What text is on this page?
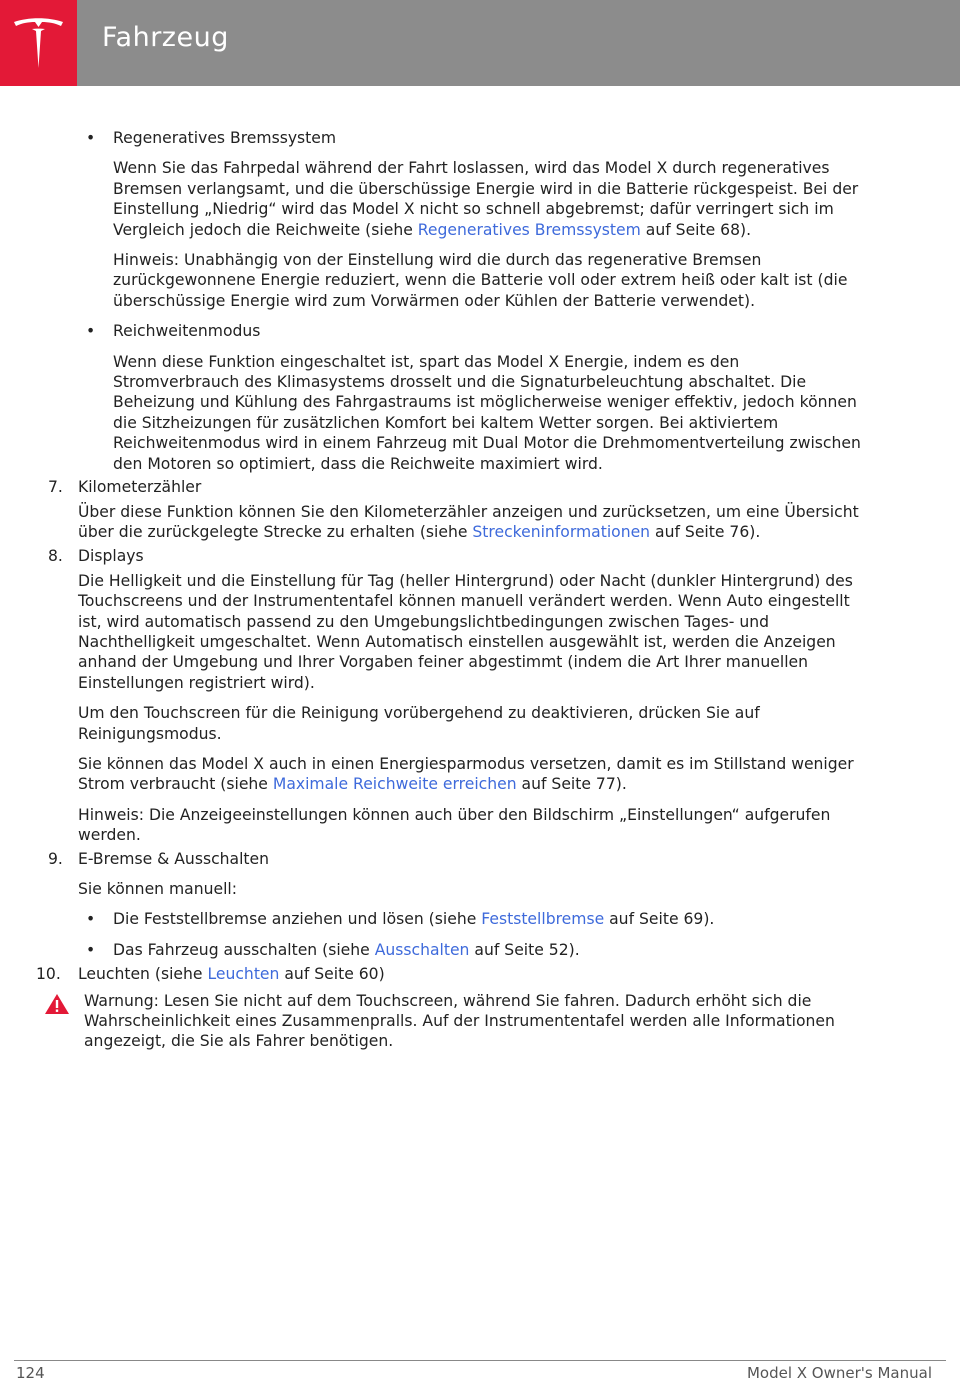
Fahrzeug
• Regeneratives Bremssystem
Wenn Sie das Fahrpedal während der Fahrt loslassen, wird das Model X durch regeneratives Bremsen verlangsamt, und die überschüssige Energie wird in die Batterie rückgespeist. Bei der Einstellung „Niedrig“ wird das Model X nicht so schnell abgebremst; dafür verringert sich im Vergleich jedoch die Reichweite (siehe Regeneratives Bremssystem auf Seite 68).
Hinweis: Unabhängig von der Einstellung wird die durch das regenerative Bremsen zurückgewonnene Energie reduziert, wenn die Batterie voll oder extrem heiß oder kalt ist (die überschüssige Energie wird zum Vorwärmen oder Kühlen der Batterie verwendet).
• Reichweitenmodus
Wenn diese Funktion eingeschaltet ist, spart das Model X Energie, indem es den Stromverbrauch des Klimasystems drosselt und die Signaturbeleuchtung abschaltet. Die Beheizung und Kühlung des Fahrgastraums ist möglicherweise weniger effektiv, jedoch können die Sitzheizungen für zusätzlichen Komfort bei kaltem Wetter sorgen. Bei aktiviertem Reichweitenmodus wird in einem Fahrzeug mit Dual Motor die Drehmomentverteilung zwischen den Motoren so optimiert, dass die Reichweite maximiert wird.
7. Kilometerzähler
Über diese Funktion können Sie den Kilometerzähler anzeigen und zurücksetzen, um eine Übersicht über die zurückgelegte Strecke zu erhalten (siehe Streckeninformationen auf Seite 76).
8. Displays
Die Helligkeit und die Einstellung für Tag (heller Hintergrund) oder Nacht (dunkler Hintergrund) des Touchscreens und der Instrumententafel können manuell verändert werden. Wenn Auto eingestellt ist, wird automatisch passend zu den Umgebungslichtbedingungen zwischen Tages- und Nachthelligkeit umgeschaltet. Wenn Automatisch einstellen ausgewählt ist, werden die Anzeigen anhand der Umgebung und Ihrer Vorgaben feiner abgestimmt (indem die Art Ihrer manuellen Einstellungen registriert wird).
Um den Touchscreen für die Reinigung vorübergehend zu deaktivieren, drücken Sie auf Reinigungsmodus.
Sie können das Model X auch in einen Energiesparmodus versetzen, damit es im Stillstand weniger Strom verbraucht (siehe Maximale Reichweite erreichen auf Seite 77).
Hinweis: Die Anzeigeeinstellungen können auch über den Bildschirm „Einstellungen“ aufgerufen werden.
9. E-Bremse & Ausschalten
Sie können manuell:
• Die Feststellbremse anziehen und lösen (siehe Feststellbremse auf Seite 69).
• Das Fahrzeug ausschalten (siehe Ausschalten auf Seite 52).
10. Leuchten (siehe Leuchten auf Seite 60)
Warnung: Lesen Sie nicht auf dem Touchscreen, während Sie fahren. Dadurch erhöht sich die Wahrscheinlichkeit eines Zusammenpralls. Auf der Instrumententafel werden alle Informationen angezeigt, die Sie als Fahrer benötigen.
124	Model X Owner's Manual
